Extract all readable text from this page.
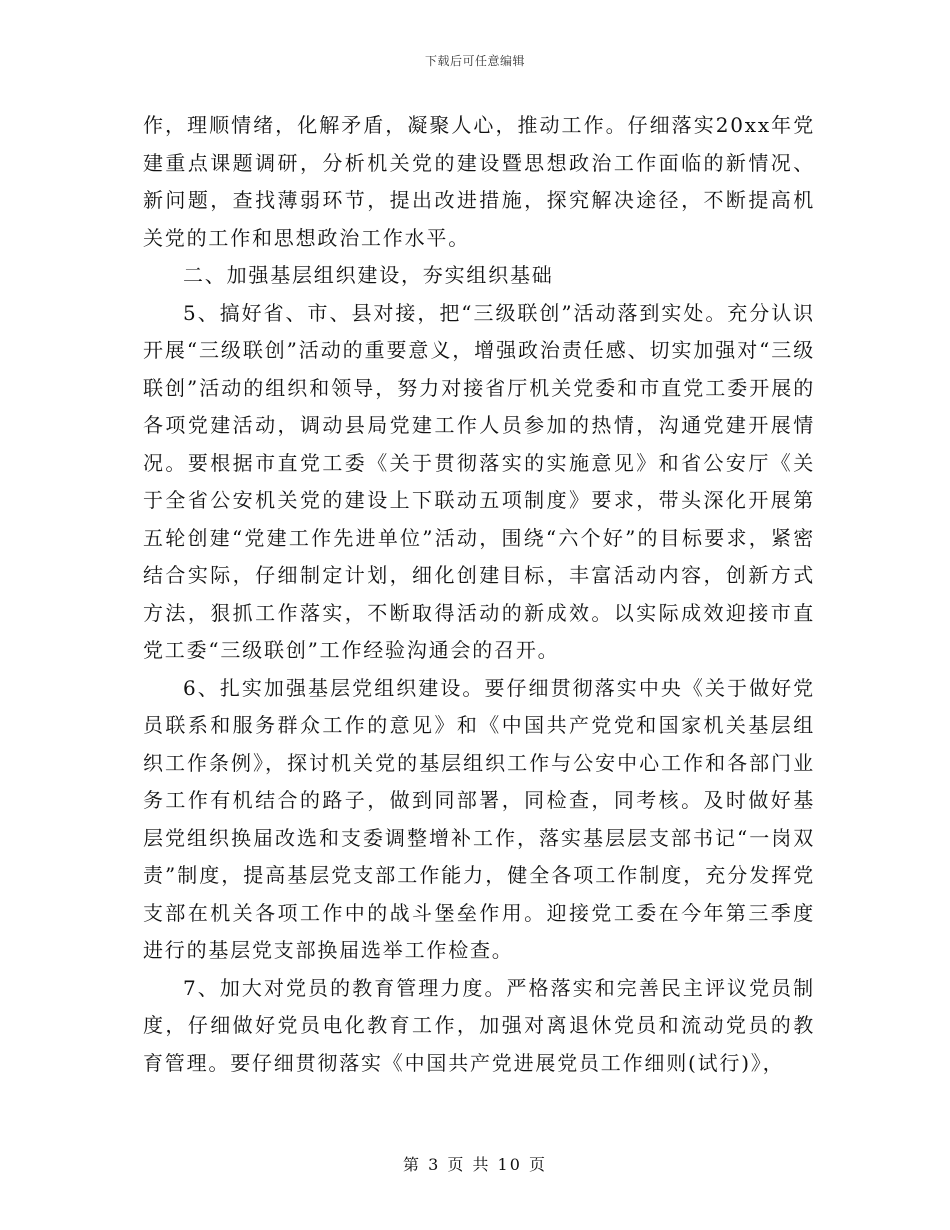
下载后可任意编辑

作，理顺情绪，化解矛盾，凝聚人心，推动工作。仔细落实20xx年党建重点课题调研，分析机关党的建设暨思想政治工作面临的新情况、新问题，查找薄弱环节，提出改进措施，探究解决途径，不断提高机关党的工作和思想政治工作水平。

二、加强基层组织建设，夯实组织基础

5、搞好省、市、县对接，把“三级联创”活动落到实处。充分认识开展“三级联创”活动的重要意义，增强政治责任感、切实加强对“三级联创”活动的组织和领导，努力对接省厅机关党委和市直党工委开展的各项党建活动，调动县局党建工作人员参加的热情，沟通党建开展情况。要根据市直党工委《关于贯彻落实的实施意见》和省公安厅《关于全省公安机关党的建设上下联动五项制度》要求，带头深化开展第五轮创建“党建工作先进单位”活动，围绕“六个好”的目标要求，紧密结合实际，仔细制定计划，细化创建目标，丰富活动内容，创新方式方法，狠抓工作落实，不断取得活动的新成效。以实际成效迎接市直党工委“三级联创”工作经验沟通会的召开。

6、扎实加强基层党组织建设。要仔细贯彻落实中央《关于做好党员联系和服务群众工作的意见》和《中国共产党党和国家机关基层组织工作条例》，探讨机关党的基层组织工作与公安中心工作和各部门业务工作有机结合的路子，做到同部署，同检查，同考核。及时做好基层党组织换届改选和支委调整增补工作，落实基层层支部书记“一岗双责”制度，提高基层党支部工作能力，健全各项工作制度，充分发挥党支部在机关各项工作中的战斗堡垒作用。迎接党工委在今年第三季度进行的基层党支部换届选举工作检查。

7、加大对党员的教育管理力度。严格落实和完善民主评议党员制度，仔细做好党员电化教育工作，加强对离退休党员和流动党员的教育管理。要仔细贯彻落实《中国共产党进展党员工作细则(试行)》，

第 3 页 共 10 页
